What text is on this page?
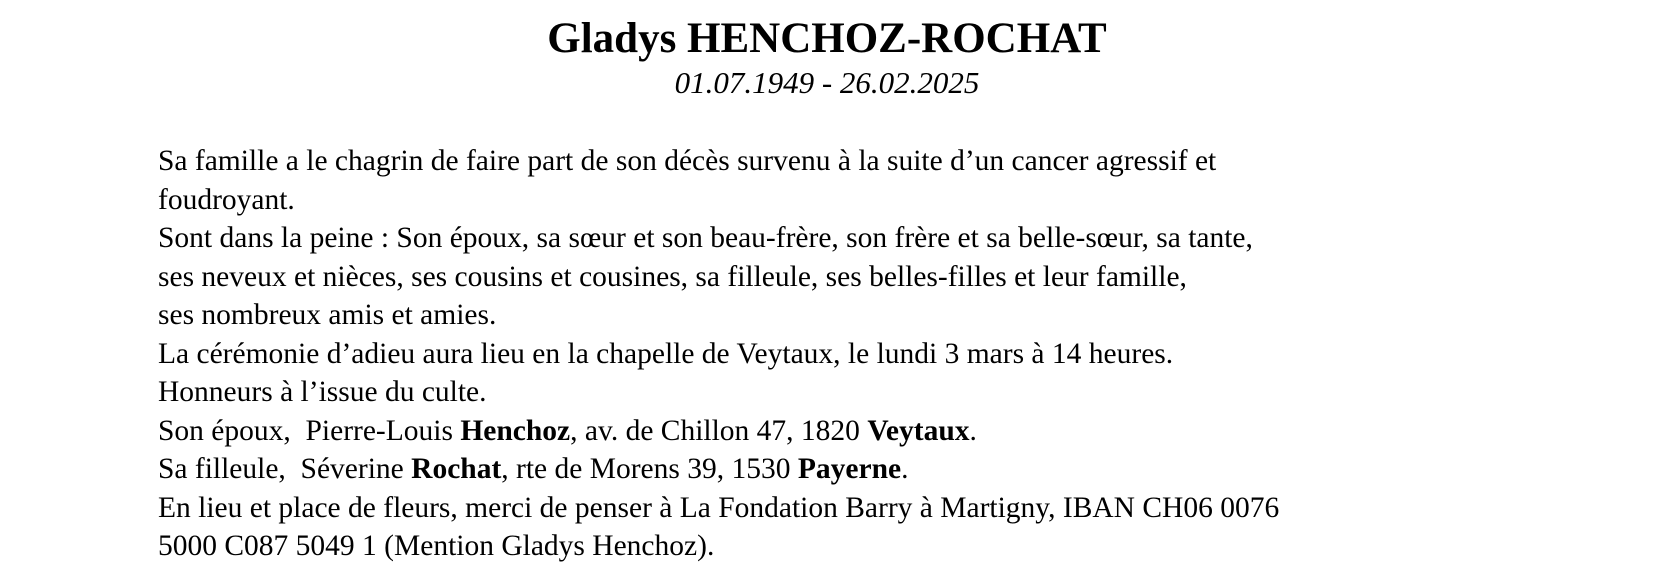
Gladys HENCHOZ-ROCHAT

01.07.1949 - 26.02.2025

Sa famille a le chagrin de faire part de son décès survenu à la suite d’un cancer agressif et
foudroyant.
Sont dans la peine : Son époux, sa sœur et son beau-frère, son frère et sa belle-sœur, sa tante,
ses neveux et nièces, ses cousins et cousines, sa filleule, ses belles-filles et leur famille,
ses nombreux amis et amies.
La cérémonie d’adieu aura lieu en la chapelle de Veytaux, le lundi 3 mars à 14 heures.
Honneurs à l’issue du culte.
Son époux,  Pierre-Louis Henchoz, av. de Chillon 47, 1820 Veytaux.
Sa filleule,  Séverine Rochat, rte de Morens 39, 1530 Payerne.
En lieu et place de fleurs, merci de penser à La Fondation Barry à Martigny, IBAN CH06 0076
5000 C087 5049 1 (Mention Gladys Henchoz).
